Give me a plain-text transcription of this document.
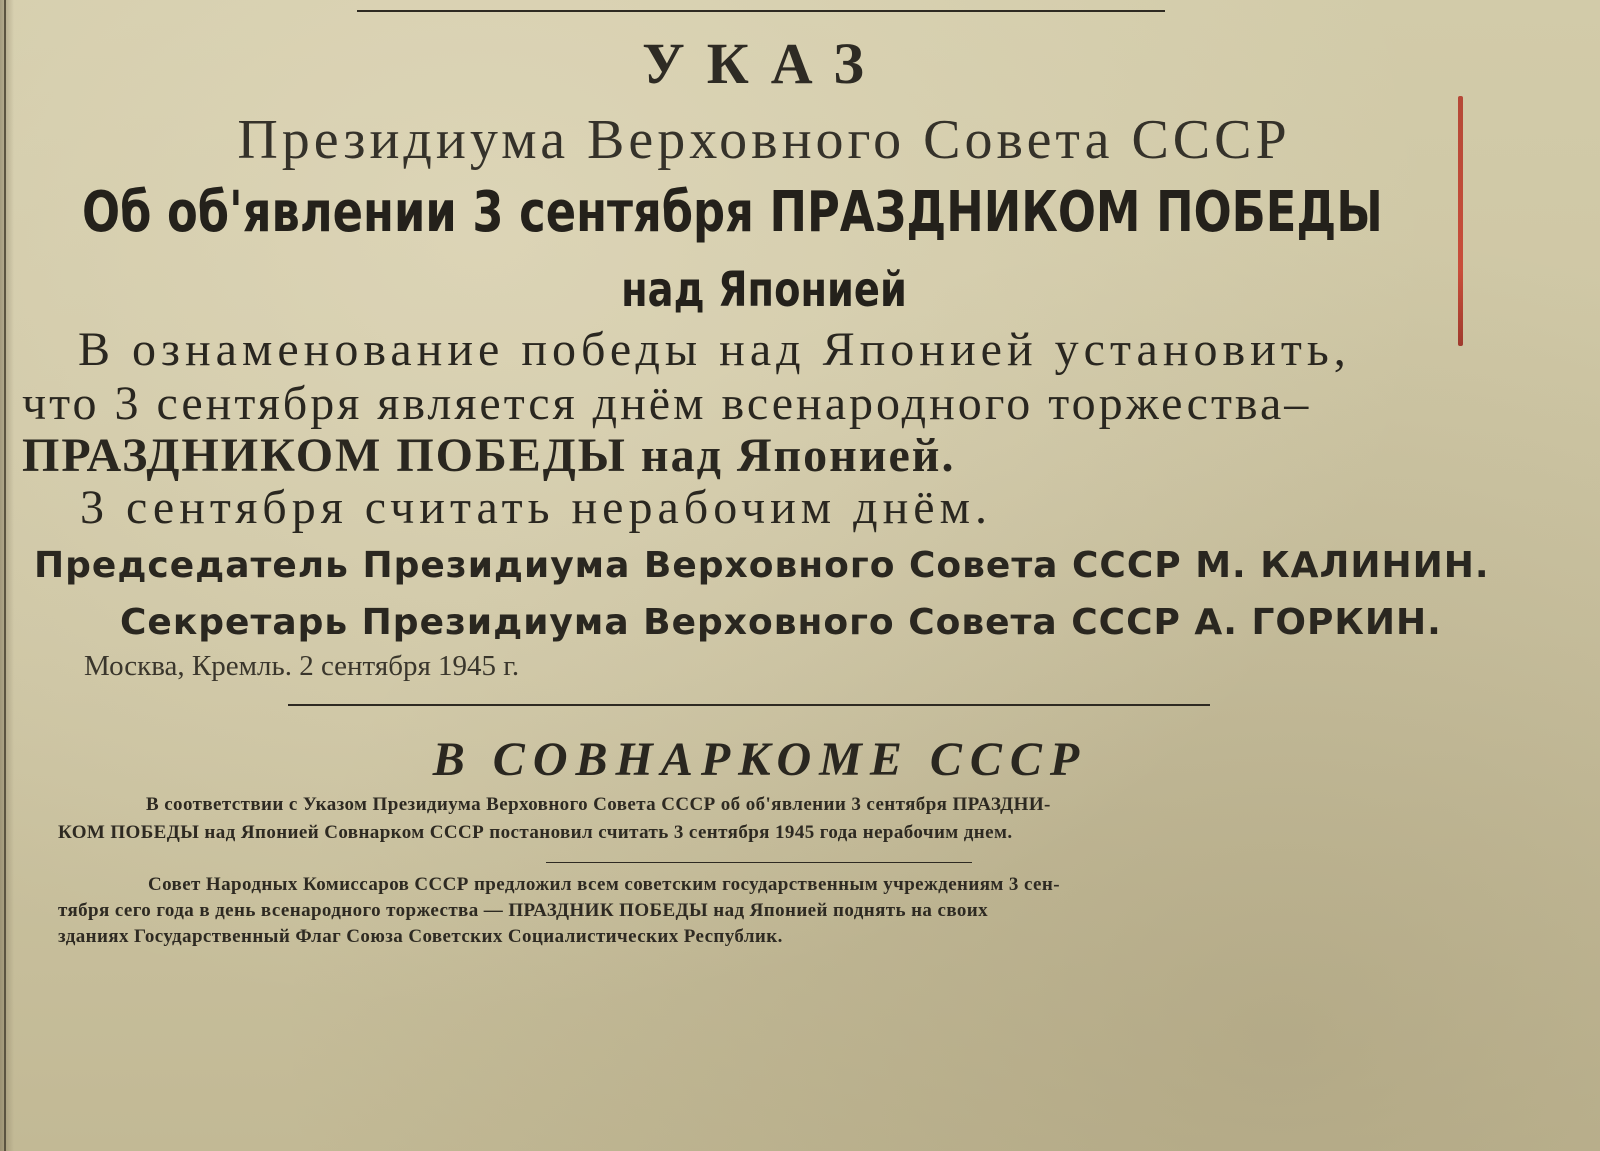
УКАЗ

Президиума Верховного Совета СССР

Об об'явлении 3 сентября ПРАЗДНИКОМ ПОБЕДЫ

над Японией

В ознаменование победы над Японией установить,

что 3 сентября является днём всенародного торжества–

ПРАЗДНИКОМ ПОБЕДЫ над Японией.

3 сентября считать нерабочим днём.

Председатель Президиума Верховного Совета СССР М. КАЛИНИН.

Секретарь Президиума Верховного Совета СССР А. ГОРКИН.

Москва, Кремль. 2 сентября 1945 г.

В СОВНАРКОМЕ СССР

В соответствии с Указом Президиума Верховного Совета СССР об об'явлении 3 сентября ПРАЗДНИ-

КОМ ПОБЕДЫ над Японией Совнарком СССР постановил считать 3 сентября 1945 года нерабочим днем.

Совет Народных Комиссаров СССР предложил всем советским государственным учреждениям 3 сен-

тября сего года в день всенародного торжества — ПРАЗДНИК ПОБЕДЫ над Японией поднять на своих

зданиях Государственный Флаг Союза Советских Социалистических Республик.
